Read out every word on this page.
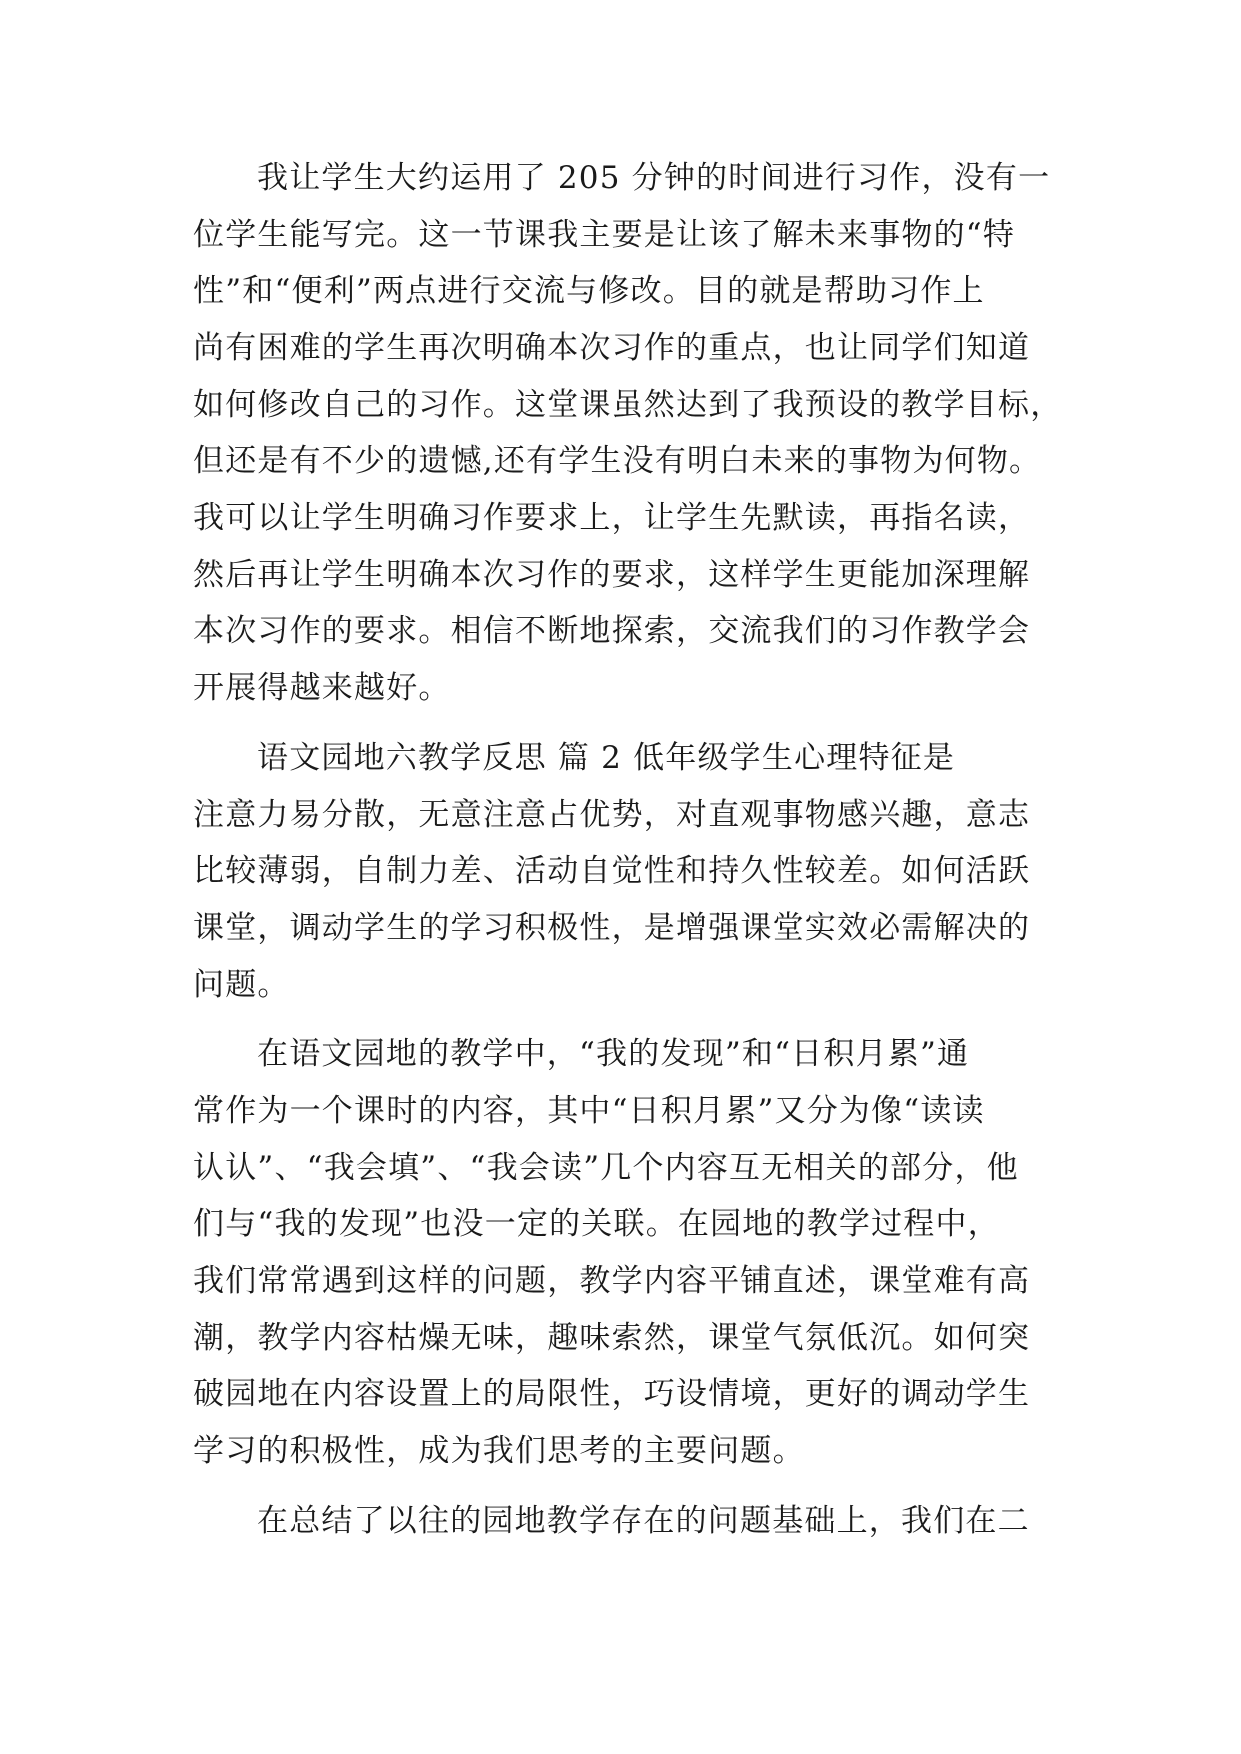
我让学生大约运用了 205 分钟的时间进行习作，没有一
位学生能写完。这一节课我主要是让该了解未来事物的“特
性”和“便利”两点进行交流与修改。目的就是帮助习作上
尚有困难的学生再次明确本次习作的重点，也让同学们知道
如何修改自己的习作。这堂课虽然达到了我预设的教学目标，
但还是有不少的遗憾,还有学生没有明白未来的事物为何物。
我可以让学生明确习作要求上，让学生先默读，再指名读，
然后再让学生明确本次习作的要求，这样学生更能加深理解
本次习作的要求。相信不断地探索，交流我们的习作教学会
开展得越来越好。
语文园地六教学反思 篇 2 低年级学生心理特征是
注意力易分散，无意注意占优势，对直观事物感兴趣，意志
比较薄弱，自制力差、活动自觉性和持久性较差。如何活跃
课堂，调动学生的学习积极性，是增强课堂实效必需解决的
问题。
在语文园地的教学中，“我的发现”和“日积月累”通
常作为一个课时的内容，其中“日积月累”又分为像“读读
认认”、“我会填”、“我会读”几个内容互无相关的部分，他
们与“我的发现”也没一定的关联。在园地的教学过程中，
我们常常遇到这样的问题，教学内容平铺直述，课堂难有高
潮，教学内容枯燥无味，趣味索然，课堂气氛低沉。如何突
破园地在内容设置上的局限性，巧设情境，更好的调动学生
学习的积极性，成为我们思考的主要问题。
在总结了以往的园地教学存在的问题基础上，我们在二
